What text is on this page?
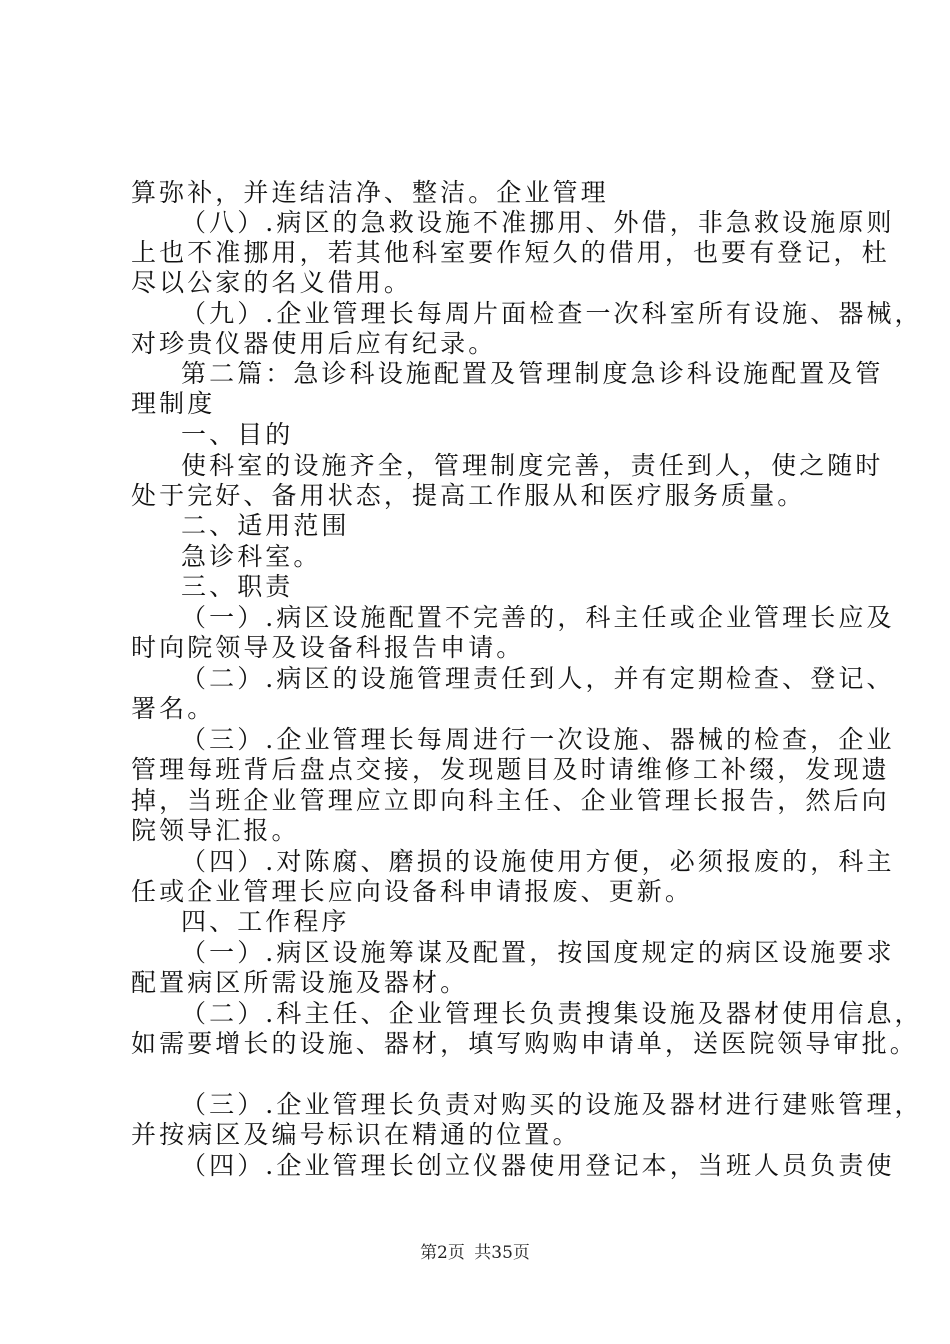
算弥补，并连结洁净、整洁。企业管理
（八）.病区的急救设施不准挪用、外借，非急救设施原则
上也不准挪用，若其他科室要作短久的借用，也要有登记，杜
尽以公家的名义借用。
（九）.企业管理长每周片面检查一次科室所有设施、器械，
对珍贵仪器使用后应有纪录。
第二篇：急诊科设施配置及管理制度急诊科设施配置及管
理制度
一、目的
使科室的设施齐全，管理制度完善，责任到人，使之随时
处于完好、备用状态，提高工作服从和医疗服务质量。
二、适用范围
急诊科室。
三、职责
（一）.病区设施配置不完善的，科主任或企业管理长应及
时向院领导及设备科报告申请。
（二）.病区的设施管理责任到人，并有定期检查、登记、
署名。
（三）.企业管理长每周进行一次设施、器械的检查，企业
管理每班背后盘点交接，发现题目及时请维修工补缀，发现遗
掉，当班企业管理应立即向科主任、企业管理长报告，然后向
院领导汇报。
（四）.对陈腐、磨损的设施使用方便，必须报废的，科主
任或企业管理长应向设备科申请报废、更新。
四、工作程序
（一）.病区设施筹谋及配置，按国度规定的病区设施要求
配置病区所需设施及器材。
（二）.科主任、企业管理长负责搜集设施及器材使用信息，
如需要增长的设施、器材，填写购购申请单，送医院领导审批。
（三）.企业管理长负责对购买的设施及器材进行建账管理，
并按病区及编号标识在精通的位置。
（四）.企业管理长创立仪器使用登记本，当班人员负责使
第2页 共35页
